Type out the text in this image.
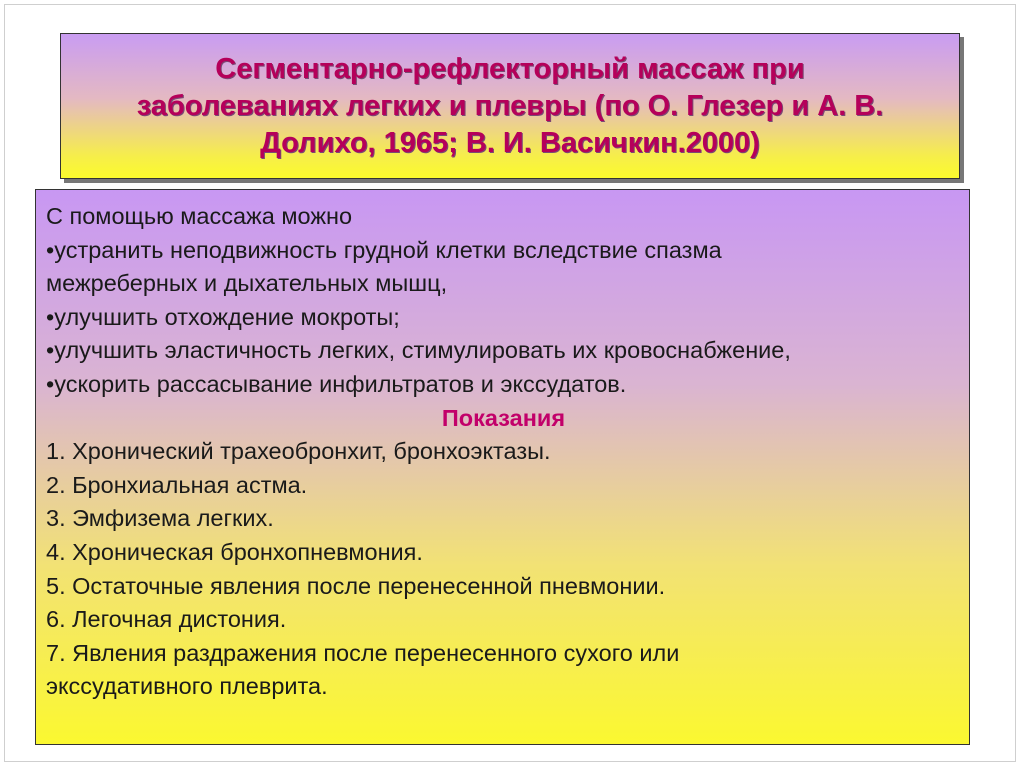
Сегментарно-рефлекторный массаж при
заболеваниях легких и плевры (по О. Глезер и А. В.
Долихо, 1965; В. И. Васичкин.2000)

С помощью массажа можно

•устранить неподвижность грудной клетки вследствие спазма

межреберных и дыхательных мышц,

•улучшить отхождение мокроты;

•улучшить эластичность легких, стимулировать их кровоснабжение,

•ускорить рассасывание инфильтратов и экссудатов.

Показания

1. Хронический трахеобронхит, бронхоэктазы.

2. Бронхиальная астма.

3. Эмфизема легких.

4. Хроническая бронхопневмония.

5. Остаточные явления после перенесенной пневмонии.

6. Легочная дистония.

7. Явления раздражения после перенесенного сухого или

экссудативного плеврита.
